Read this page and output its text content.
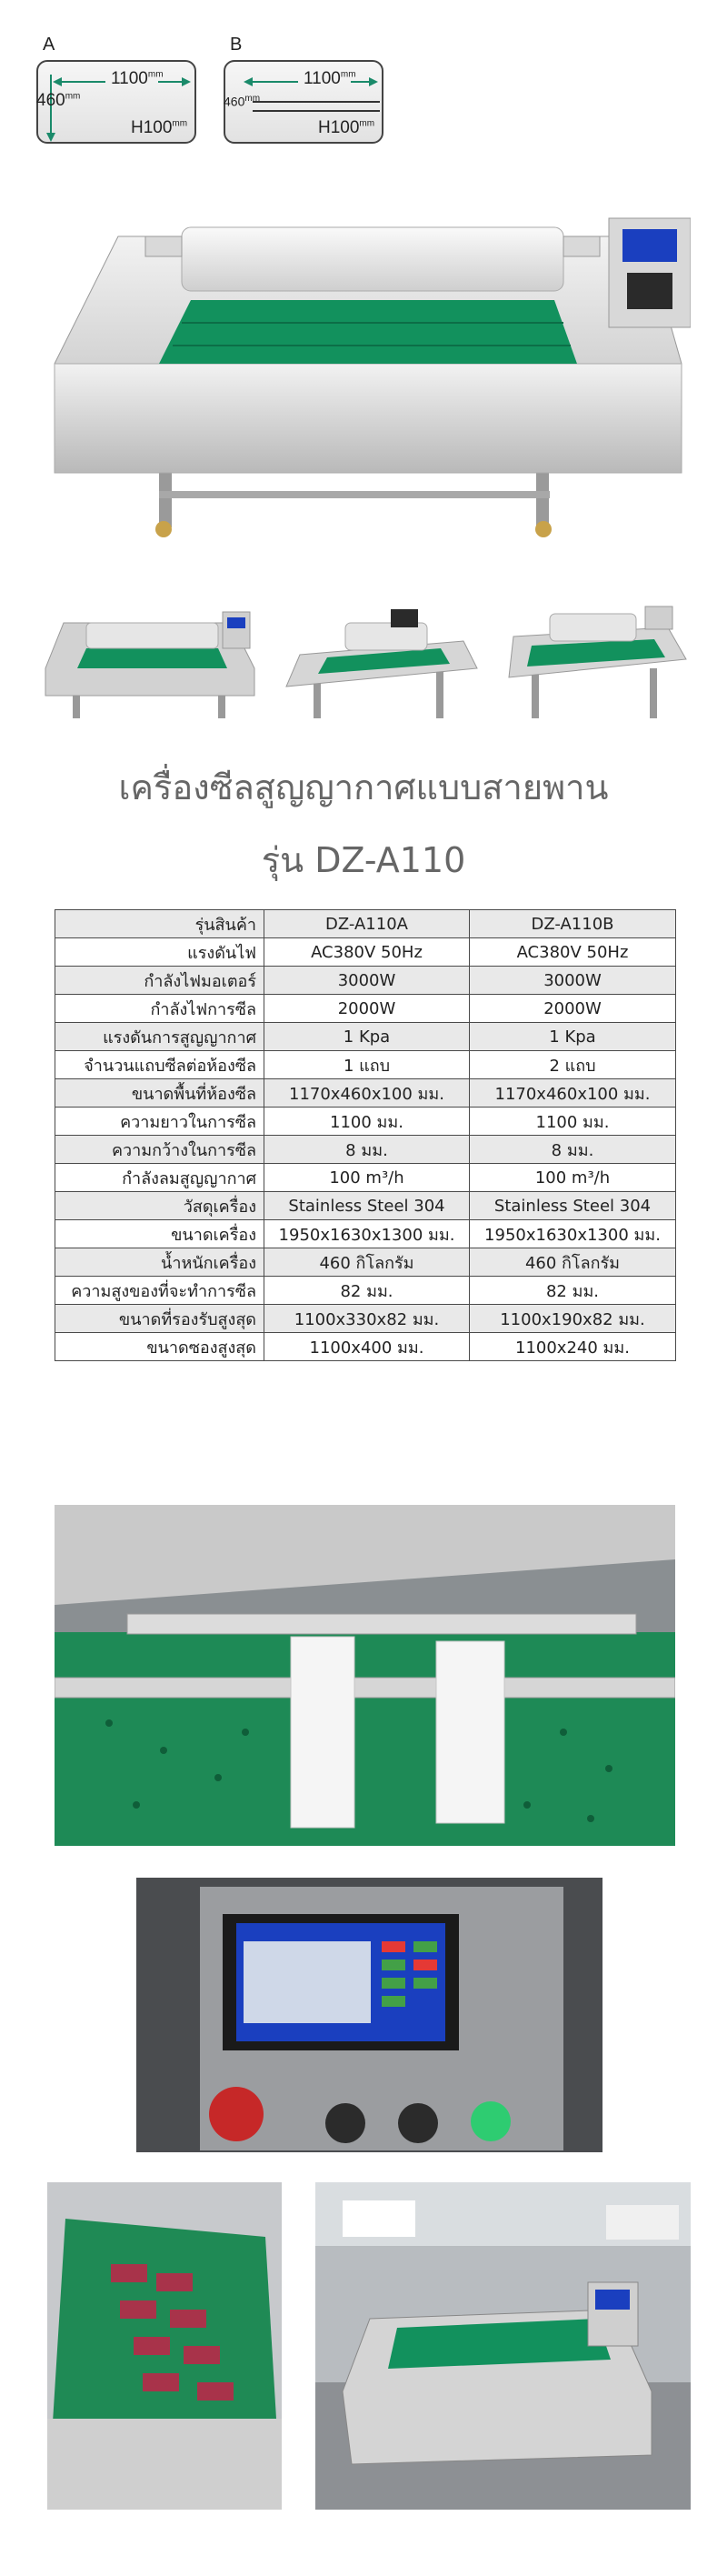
A
$1100^{mm}$
$460^{mm}$
$H100^{mm}$
B
$1100^{mm}$
$460^{mm}$
$H100^{mm}$
เครื่องซีลสูญญากาศแบบสายพาน
รุ่น DZ-A110
รุ่นสินค้า	DZ-A110A	DZ-A110B
แรงดันไฟ	AC380V 50Hz	AC380V 50Hz
กำลังไฟมอเตอร์	3000W	3000W
กำลังไฟการซีล	2000W	2000W
แรงดันการสูญญากาศ	1 Kpa	1 Kpa
จำนวนแถบซีลต่อห้องซีล	1 แถบ	2 แถบ
ขนาดพื้นที่ห้องซีล	1170x460x100 มม.	1170x460x100 มม.
ความยาวในการซีล	1100 มม.	1100 มม.
ความกว้างในการซีล	8 มม.	8 มม.
กำลังลมสูญญากาศ	100 m³/h	100 m³/h
วัสดุเครื่อง	Stainless Steel 304	Stainless Steel 304
ขนาดเครื่อง	1950x1630x1300 มม.	1950x1630x1300 มม.
น้ำหนักเครื่อง	460 กิโลกรัม	460 กิโลกรัม
ความสูงของที่จะทำการซีล	82 มม.	82 มม.
ขนาดที่รองรับสูงสุด	1100x330x82 มม.	1100x190x82 มม.
ขนาดซองสูงสุด	1100x400 มม.	1100x240 มม.
